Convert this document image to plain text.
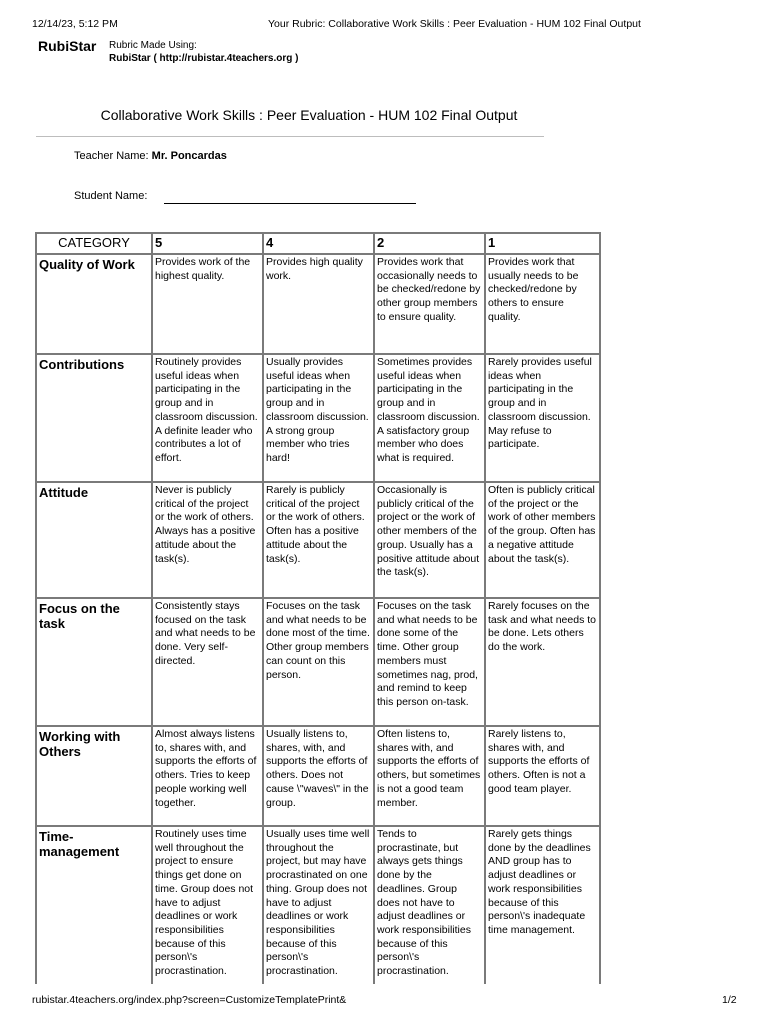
12/14/23, 5:12 PM	Your Rubric: Collaborative Work Skills : Peer Evaluation - HUM 102 Final Output
RubiStar Rubric Made Using:
RubiStar ( http://rubistar.4teachers.org )
Collaborative Work Skills : Peer Evaluation - HUM 102 Final Output
Teacher Name: Mr. Poncardas
Student Name:
CATEGORY	5	4	2	1
Quality of Work	Provides work of the highest quality.	Provides high quality work.	Provides work that occasionally needs to be checked/redone by other group members to ensure quality.	Provides work that usually needs to be checked/redone by others to ensure quality.
Contributions	Routinely provides useful ideas when participating in the group and in classroom discussion. A definite leader who contributes a lot of effort.	Usually provides useful ideas when participating in the group and in classroom discussion. A strong group member who tries hard!	Sometimes provides useful ideas when participating in the group and in classroom discussion. A satisfactory group member who does what is required.	Rarely provides useful ideas when participating in the group and in classroom discussion. May refuse to participate.
Attitude	Never is publicly critical of the project or the work of others. Always has a positive attitude about the task(s).	Rarely is publicly critical of the project or the work of others. Often has a positive attitude about the task(s).	Occasionally is publicly critical of the project or the work of other members of the group. Usually has a positive attitude about the task(s).	Often is publicly critical of the project or the work of other members of the group. Often has a negative attitude about the task(s).
Focus on the task	Consistently stays focused on the task and what needs to be done. Very self-directed.	Focuses on the task and what needs to be done most of the time. Other group members can count on this person.	Focuses on the task and what needs to be done some of the time. Other group members must sometimes nag, prod, and remind to keep this person on-task.	Rarely focuses on the task and what needs to be done. Lets others do the work.
Working with Others	Almost always listens to, shares with, and supports the efforts of others. Tries to keep people working well together.	Usually listens to, shares, with, and supports the efforts of others. Does not cause \"waves\" in the group.	Often listens to, shares with, and supports the efforts of others, but sometimes is not a good team member.	Rarely listens to, shares with, and supports the efforts of others. Often is not a good team player.
Time-management	Routinely uses time well throughout the project to ensure things get done on time. Group does not have to adjust deadlines or work responsibilities because of this person\'s procrastination.	Usually uses time well throughout the project, but may have procrastinated on one thing. Group does not have to adjust deadlines or work responsibilities because of this person\'s procrastination.	Tends to procrastinate, but always gets things done by the deadlines. Group does not have to adjust deadlines or work responsibilities because of this person\'s procrastination.	Rarely gets things done by the deadlines AND group has to adjust deadlines or work responsibilities because of this person\'s inadequate time management.
rubistar.4teachers.org/index.php?screen=CustomizeTemplatePrint&	1/2
